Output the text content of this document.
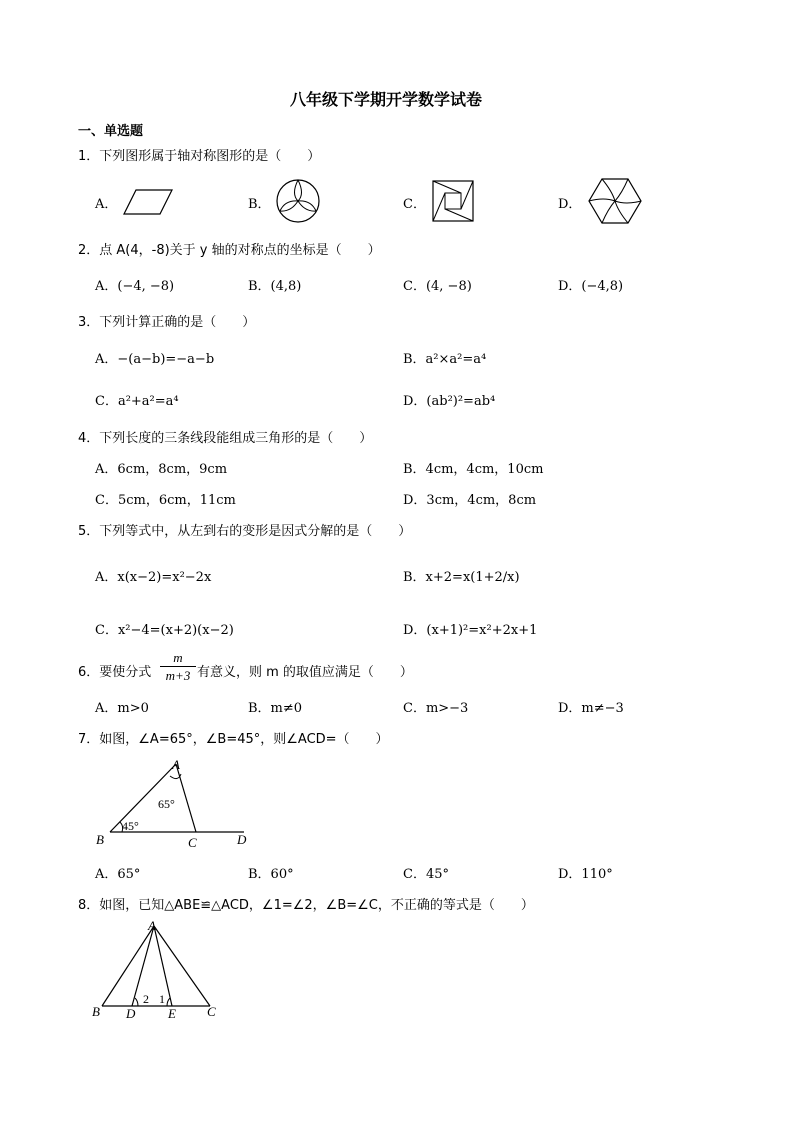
八年级下学期开学数学试卷
一、单选题
1．下列图形属于轴对称图形的是（　　）
A．	B．	C．	D．
2．点 A(4，-8)关于 y 轴的对称点的坐标是（　　）
A．(−4, −8)	B．(4,8)	C．(4, −8)	D．(−4,8)
3．下列计算正确的是（　　）
A．−(a−b)=−a−b	B．a²×a²=a⁴
C．a²+a²=a⁴	D．(ab²)²=ab⁴
4．下列长度的三条线段能组成三角形的是（　　）
A．6cm，8cm，9cm	B．4cm，4cm，10cm
C．5cm，6cm，11cm	D．3cm，4cm，8cm
5．下列等式中，从左到右的变形是因式分解的是（　　）
A．x(x−2)=x²−2x	B．x+2=x(1+2/x)
C．x²−4=(x+2)(x−2)	D．(x+1)²=x²+2x+1
6．要使分式
m
m+3 有意义，则 m 的取值应满足（　　）
A．m>0	B．m≠0	C．m>−3	D．m≠−3
7．如图，∠A=65°，∠B=45°，则∠ACD=（　　）
A
B	C	D
65°
45°
A．65°	B．60°	C．45°	D．110°
8．如图，已知△ABE≌△ACD，∠1=∠2，∠B=∠C，不正确的等式是（　　）
A
B D	E C
2 1
